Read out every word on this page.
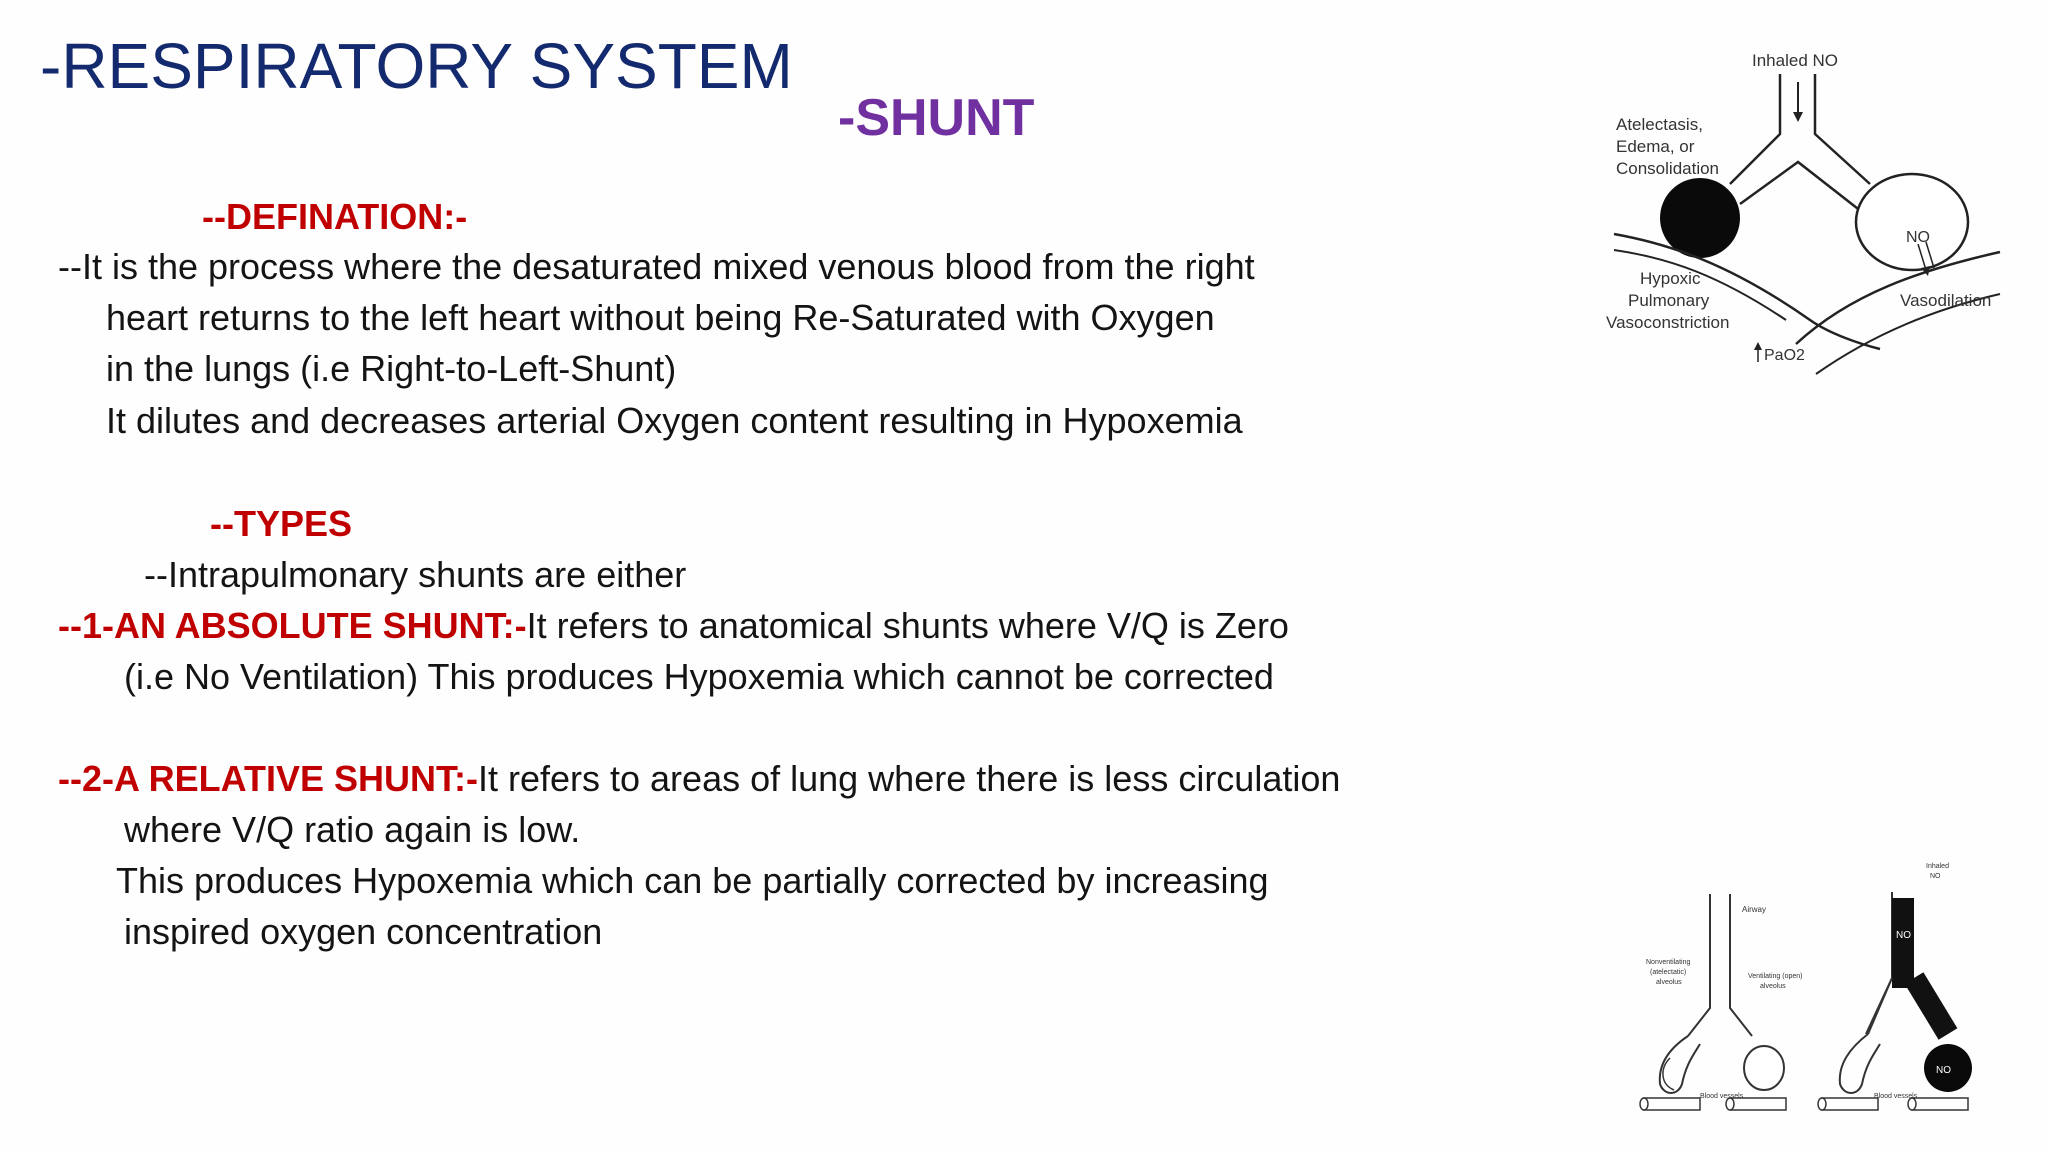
-RESPIRATORY SYSTEM
-SHUNT
--DEFINATION:-
--It is the process where the desaturated mixed venous blood from the right
heart returns to the left heart without being Re-Saturated with Oxygen
in the lungs (i.e Right-to-Left-Shunt)
It dilutes and decreases arterial Oxygen content resulting in Hypoxemia
--TYPES
--Intrapulmonary shunts are either
--1-AN ABSOLUTE SHUNT:-It refers to anatomical shunts where V/Q is Zero
(i.e No Ventilation) This produces Hypoxemia which cannot be corrected
--2-A RELATIVE SHUNT:-It refers to areas of lung where there is less circulation
where V/Q ratio again is low.
This produces Hypoxemia which can be partially corrected by increasing
inspired oxygen concentration
Inhaled NO
Atelectasis,
Edema, or
Consolidation
NO
Hypoxic
Pulmonary
Vasoconstriction
Vasodilation
PaO2
NO
NO
Airway
Nonventilating
(atelectatic)
alveolus
Ventilating (open)
alveolus
Blood vessels	Blood vessels
Inhaled
NO
